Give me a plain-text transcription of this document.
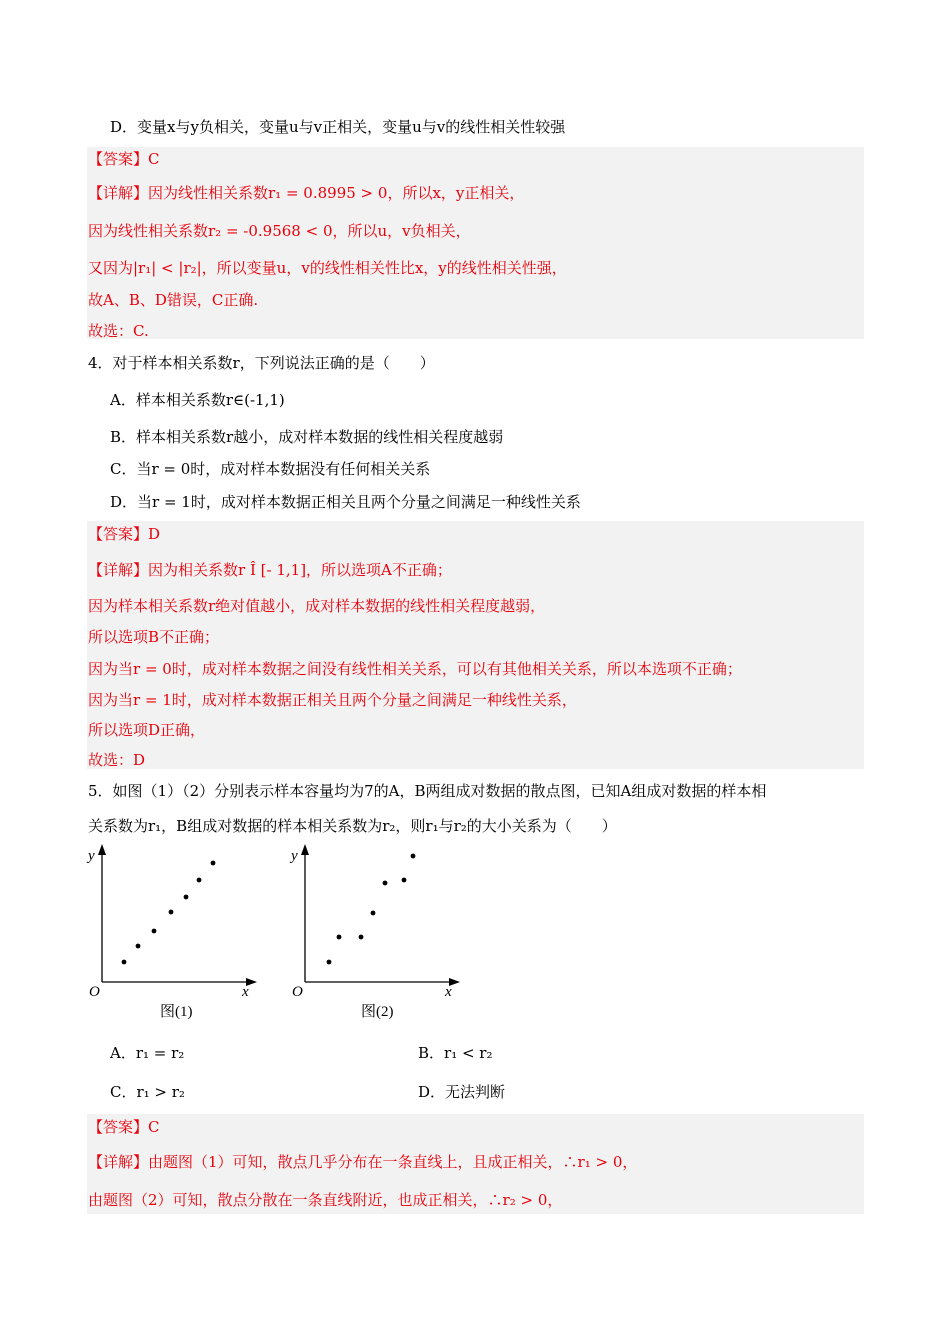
D．变量x与y负相关，变量u与v正相关，变量u与v的线性相关性较强
【答案】C
【详解】因为线性相关系数r₁ = 0.8995 > 0，所以x，y正相关，
因为线性相关系数r₂ = -0.9568 < 0，所以u，v负相关，
又因为|r₁| < |r₂|，所以变量u，v的线性相关性比x，y的线性相关性强，
故A、B、D错误，C正确.
故选：C.
4．对于样本相关系数r，下列说法正确的是（　　）
A．样本相关系数r∈(-1,1)
B．样本相关系数r越小，成对样本数据的线性相关程度越弱
C．当r = 0时，成对样本数据没有任何相关关系
D．当r = 1时，成对样本数据正相关且两个分量之间满足一种线性关系
【答案】D
【详解】因为相关系数r Î [- 1,1]，所以选项A不正确；
因为样本相关系数r绝对值越小，成对样本数据的线性相关程度越弱，
所以选项B不正确；
因为当r = 0时，成对样本数据之间没有线性相关关系，可以有其他相关关系，所以本选项不正确；
因为当r = 1时，成对样本数据正相关且两个分量之间满足一种线性关系，
所以选项D正确，
故选：D
5．如图（1）（2）分别表示样本容量均为7的A，B两组成对数据的散点图，已知A组成对数据的样本相
关系数为r₁，B组成对数据的样本相关系数为r₂，则r₁与r₂的大小关系为（　　）
y
x
O
图(1)
y
x
O
图(2)
A．r₁ = r₂	B．r₁ < r₂
C．r₁ > r₂	D．无法判断
【答案】C
【详解】由题图（1）可知，散点几乎分布在一条直线上，且成正相关，∴r₁ > 0，
由题图（2）可知，散点分散在一条直线附近，也成正相关，∴r₂ > 0，
